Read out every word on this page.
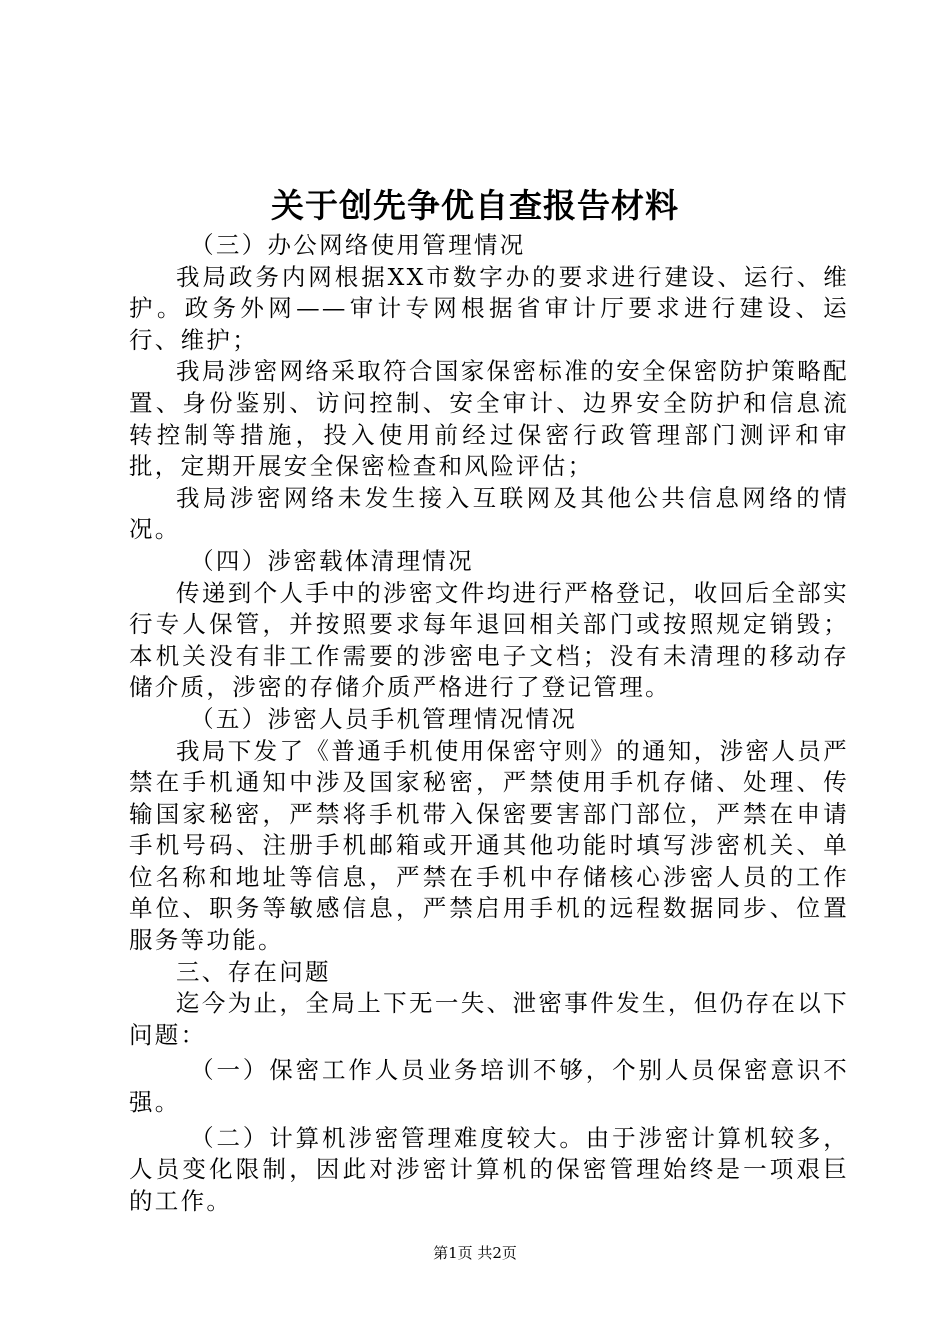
关于创先争优自查报告材料

（三）办公网络使用管理情况

我局政务内网根据XX市数字办的要求进行建设、运行、维护。政务外网——审计专网根据省审计厅要求进行建设、运行、维护；

我局涉密网络采取符合国家保密标准的安全保密防护策略配置、身份鉴别、访问控制、安全审计、边界安全防护和信息流转控制等措施，投入使用前经过保密行政管理部门测评和审批，定期开展安全保密检查和风险评估；

我局涉密网络未发生接入互联网及其他公共信息网络的情况。

（四）涉密载体清理情况

传递到个人手中的涉密文件均进行严格登记，收回后全部实行专人保管，并按照要求每年退回相关部门或按照规定销毁；本机关没有非工作需要的涉密电子文档；没有未清理的移动存储介质，涉密的存储介质严格进行了登记管理。

（五）涉密人员手机管理情况情况

我局下发了《普通手机使用保密守则》的通知，涉密人员严禁在手机通知中涉及国家秘密，严禁使用手机存储、处理、传输国家秘密，严禁将手机带入保密要害部门部位，严禁在申请手机号码、注册手机邮箱或开通其他功能时填写涉密机关、单位名称和地址等信息，严禁在手机中存储核心涉密人员的工作单位、职务等敏感信息，严禁启用手机的远程数据同步、位置服务等功能。

三、存在问题

迄今为止，全局上下无一失、泄密事件发生，但仍存在以下问题：

（一）保密工作人员业务培训不够，个别人员保密意识不强。

（二）计算机涉密管理难度较大。由于涉密计算机较多，人员变化限制，因此对涉密计算机的保密管理始终是一项艰巨的工作。

第1页 共2页
